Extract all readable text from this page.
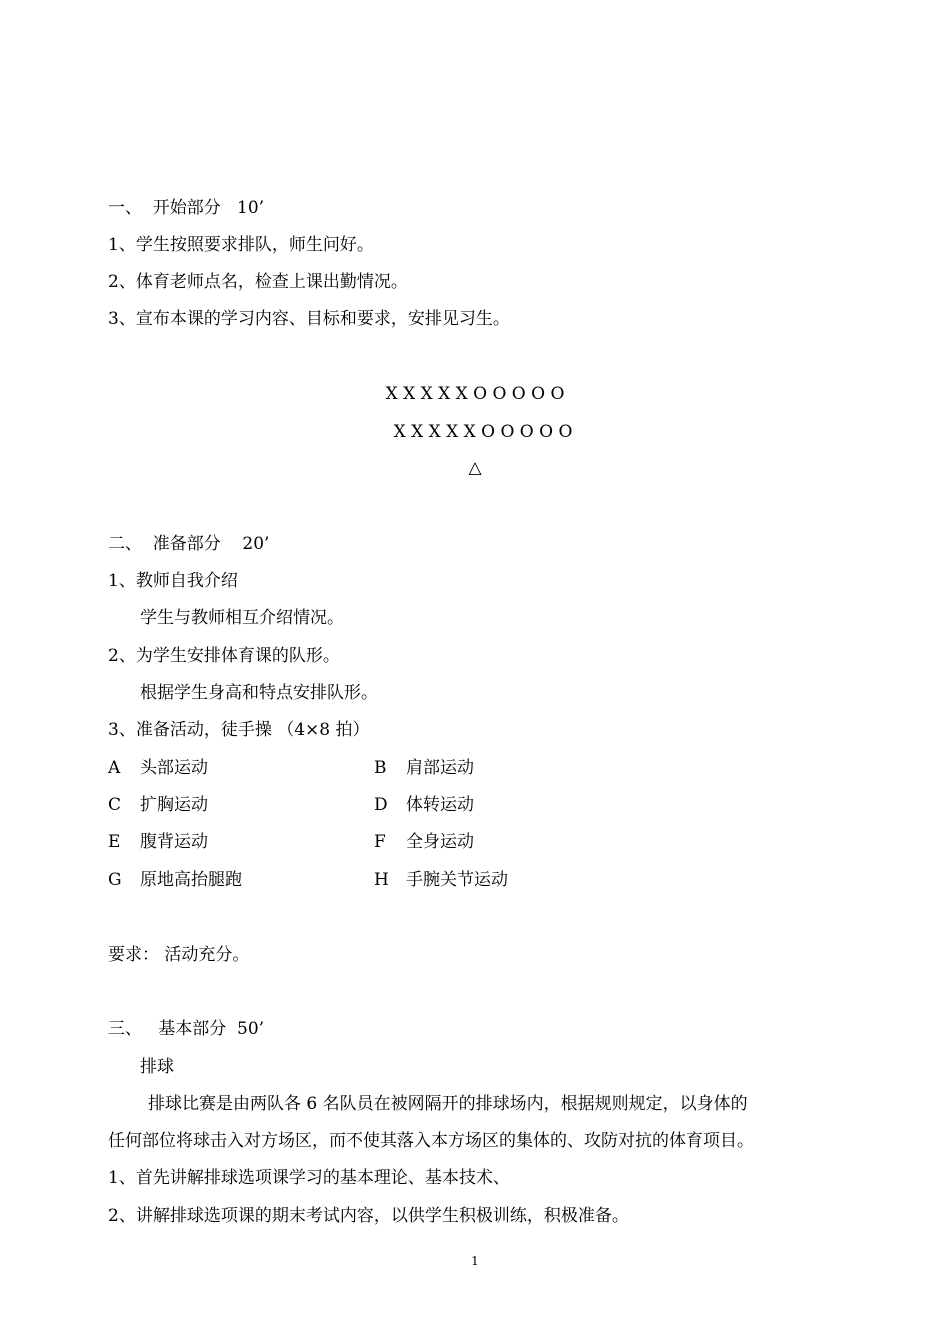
一、  开始部分   10’
1、学生按照要求排队，师生问好。
2、体育老师点名，检查上课出勤情况。
3、宣布本课的学习内容、目标和要求，安排见习生。
X X X X X O O O O O
X X X X X O O O O O
△
二、  准备部分    20’
1、教师自我介绍
学生与教师相互介绍情况。
2、为学生安排体育课的队形。
根据学生身高和特点安排队形。
3、准备活动，徒手操 （4×8 拍）
A 头部运动	B 肩部运动
C 扩胸运动	D 体转运动
E 腹背运动	F 全身运动
G 原地高抬腿跑	H 手腕关节运动
要求： 活动充分。
三、   基本部分  50’
排球
排球比赛是由两队各 6 名队员在被网隔开的排球场内，根据规则规定，以身体的
任何部位将球击入对方场区，而不使其落入本方场区的集体的、攻防对抗的体育项目。
1、首先讲解排球选项课学习的基本理论、基本技术、
2、讲解排球选项课的期末考试内容，以供学生积极训练，积极准备。
1
